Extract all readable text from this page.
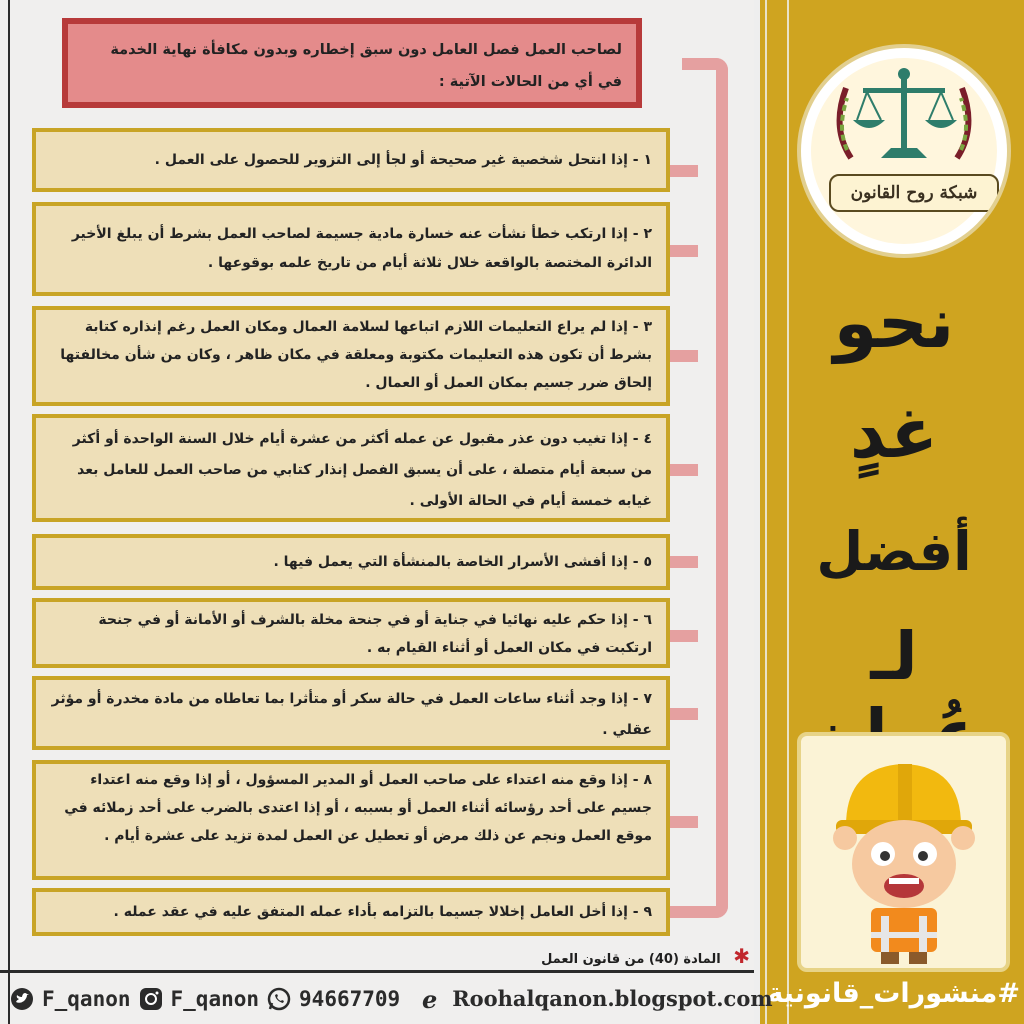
شبكة روح القانون
نحو
غدٍ
أفضل
لـ
#منشورات_قانونية
لصاحب العمل فصل العامل دون سبق إخطاره وبدون مكافأة نهاية الخدمة في أي من الحالات الآتية :
١ - إذا انتحل شخصية غير صحيحة أو لجأ إلى التزوير للحصول على العمل .
٢ - إذا ارتكب خطأ نشأت عنه خسارة مادية جسيمة لصاحب العمل بشرط أن يبلغ الأخير الدائرة المختصة بالواقعة خلال ثلاثة أيام من تاريخ علمه بوقوعها .
٣ - إذا لم يراع التعليمات اللازم اتباعها لسلامة العمال ومكان العمل رغم إنذاره كتابة بشرط أن تكون هذه التعليمات مكتوبة ومعلقة في مكان ظاهر ، وكان من شأن مخالفتها إلحاق ضرر جسيم بمكان العمل أو العمال .
٤ - إذا تغيب دون عذر مقبول عن عمله أكثر من عشرة أيام خلال السنة الواحدة أو أكثر من سبعة أيام متصلة ، على أن يسبق الفصل إنذار كتابي من صاحب العمل للعامل بعد غيابه خمسة أيام في الحالة الأولى .
٥ - إذا أفشى الأسرار الخاصة بالمنشأة التي يعمل فيها .
٦ - إذا حكم عليه نهائيا في جناية أو في جنحة مخلة بالشرف أو الأمانة أو في جنحة ارتكبت في مكان العمل أو أثناء القيام به .
٧ - إذا وجد أثناء ساعات العمل في حالة سكر أو متأثرا بما تعاطاه من مادة مخدرة أو مؤثر عقلي .
٨ - إذا وقع منه اعتداء على صاحب العمل أو المدير المسؤول ، أو إذا وقع منه اعتداء جسيم على أحد رؤسائه أثناء العمل أو بسببه ، أو إذا اعتدى بالضرب على أحد زملائه في موقع العمل ونجم عن ذلك مرض أو تعطيل عن العمل لمدة تزيد على عشرة أيام .
٩ - إذا أخل العامل إخلالا جسيما بالتزامه بأداء عمله المتفق عليه في عقد عمله .
✱ المادة (40) من قانون العمل
F_qanon F_qanon 94667709 e Roohalqanon.blogspot.com
